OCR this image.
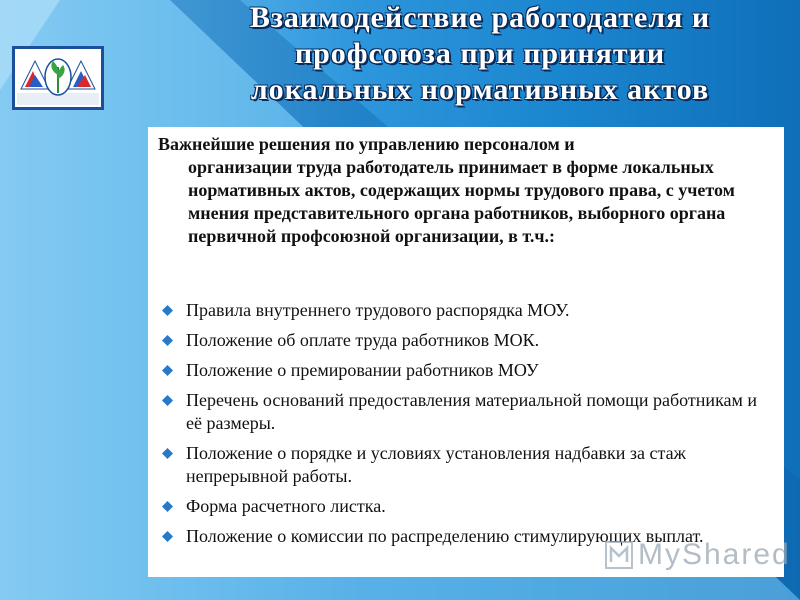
Взаимодействие работодателя и
профсоюза при принятии
локальных нормативных актов
Важнейшие решения по управлению персоналом и
организации труда работодатель принимает в форме локальных нормативных актов, содержащих нормы трудового права, с учетом мнения представительного органа работников, выборного органа первичной профсоюзной организации, в т.ч.:
Правила внутреннего трудового распорядка МОУ.
Положение об оплате труда работников МОК.
Положение о премировании работников МОУ
Перечень оснований предоставления материальной помощи работникам и её размеры.
Положение о порядке и условиях установления надбавки за стаж непрерывной работы.
Форма расчетного листка.
Положение о комиссии по распределению стимулирующих выплат.
MyShared
